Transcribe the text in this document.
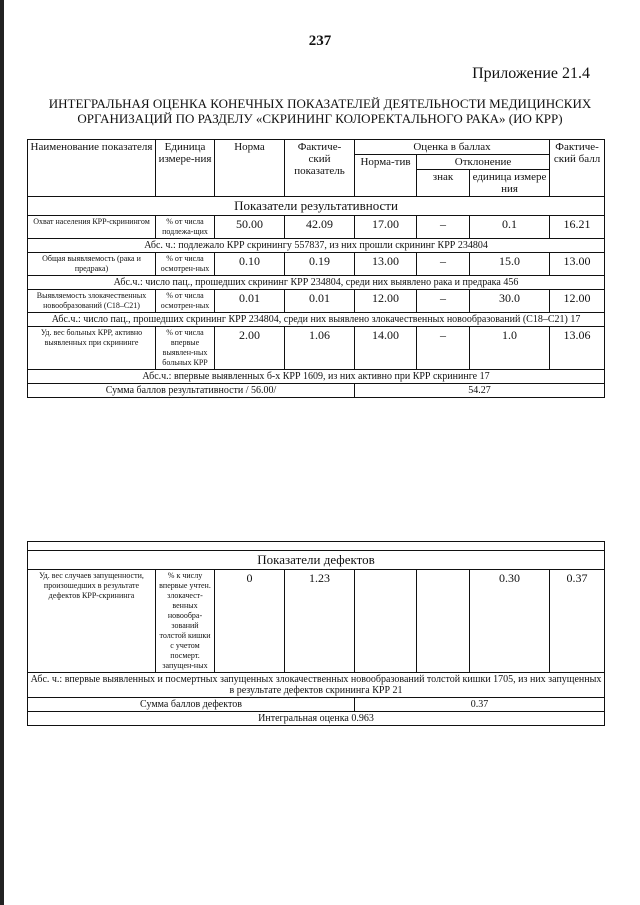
237
Приложение 21.4
ИНТЕГРАЛЬНАЯ ОЦЕНКА КОНЕЧНЫХ ПОКАЗАТЕЛЕЙ ДЕЯТЕЛЬНОСТИ МЕДИЦИНСКИХ
ОРГАНИЗАЦИЙ ПО РАЗДЕЛУ «СКРИНИНГ КОЛОРЕКТАЛЬНОГО РАКА» (ИО КРР)
Наименование показателя	Единица измере-ния	Норма	Фактиче-ский показатель	Оценка в баллах			Фактиче-ский балл
				Норма-тив	Отклонение		
					знак	единица измере ния	
Показатели результативности							
Охват населения КРР-скринингом	% от числа подлежа-щих	50.00	42.09	17.00	–	0.1	16.21
Абс. ч.: подлежало КРР скринингу 557837, из них прошли скрининг КРР 234804							
Общая выявляемость (рака и предрака)	% от числа осмотрен-ных	0.10	0.19	13.00	–	15.0	13.00
Абс.ч.: число пац., прошедших скрининг КРР 234804, среди них выявлено рака и предрака 456							
Выявляемость злокачественных новообразований (C18–C21)	% от числа осмотрен-ных	0.01	0.01	12.00	–	30.0	12.00
Абс.ч.: число пац., прошедших скрининг КРР 234804, среди них выявлено злокачественных новообразований (C18–C21) 17							
Уд. вес больных КРР, активно выявленных при скрининге	% от числа впервые выявлен-ных больных КРР	2.00	1.06	14.00	–	1.0	13.06
Абс.ч.: впервые выявленных б-х КРР 1609, из них активно при КРР скрининге 17							
Сумма баллов результативности / 56.00/				54.27			

Показатели дефектов							
Уд. вес случаев запущенности, произошедших в результате дефектов КРР-скрининга	% к числу впервые учтен. злокачест-венных новообра-зований толстой кишки с учетом посмерт. запущен-ных	0	1.23			0.30	0.37
Абс. ч.: впервые выявленных и посмертных запущенных злокачественных новообразований толстой кишки 1705, из них запущенных в результате дефектов скрининга КРР 21							
Сумма баллов дефектов				0.37			
Интегральная оценка 0.963							
